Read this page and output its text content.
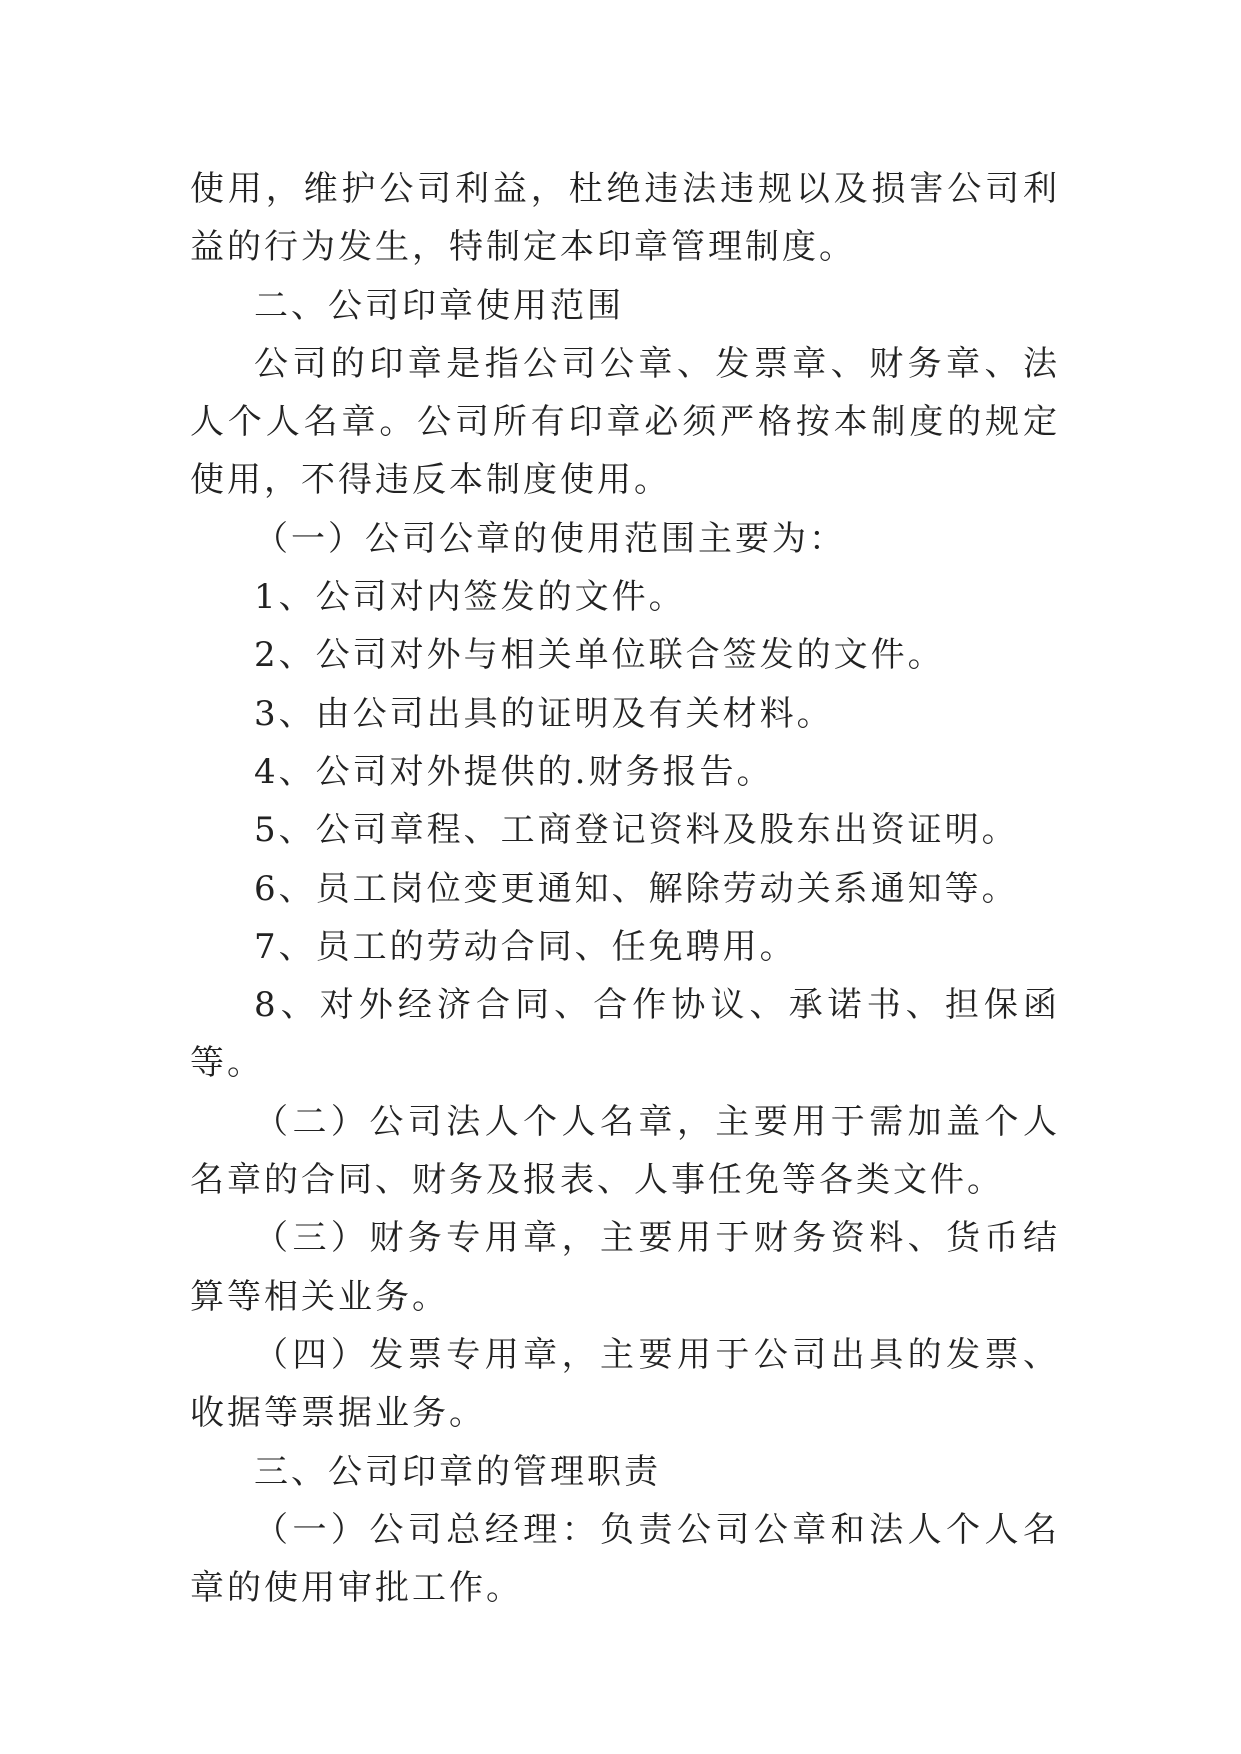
使用，维护公司利益，杜绝违法违规以及损害公司利益的行为发生，特制定本印章管理制度。

二、公司印章使用范围

公司的印章是指公司公章、发票章、财务章、法人个人名章。公司所有印章必须严格按本制度的规定使用，不得违反本制度使用。

（一）公司公章的使用范围主要为：

1、公司对内签发的文件。

2、公司对外与相关单位联合签发的文件。

3、由公司出具的证明及有关材料。

4、公司对外提供的.财务报告。

5、公司章程、工商登记资料及股东出资证明。

6、员工岗位变更通知、解除劳动关系通知等。

7、员工的劳动合同、任免聘用。

8、对外经济合同、合作协议、承诺书、担保函等。

（二）公司法人个人名章，主要用于需加盖个人名章的合同、财务及报表、人事任免等各类文件。

（三）财务专用章，主要用于财务资料、货币结算等相关业务。

（四）发票专用章，主要用于公司出具的发票、收据等票据业务。

三、公司印章的管理职责

（一）公司总经理：负责公司公章和法人个人名章的使用审批工作。
